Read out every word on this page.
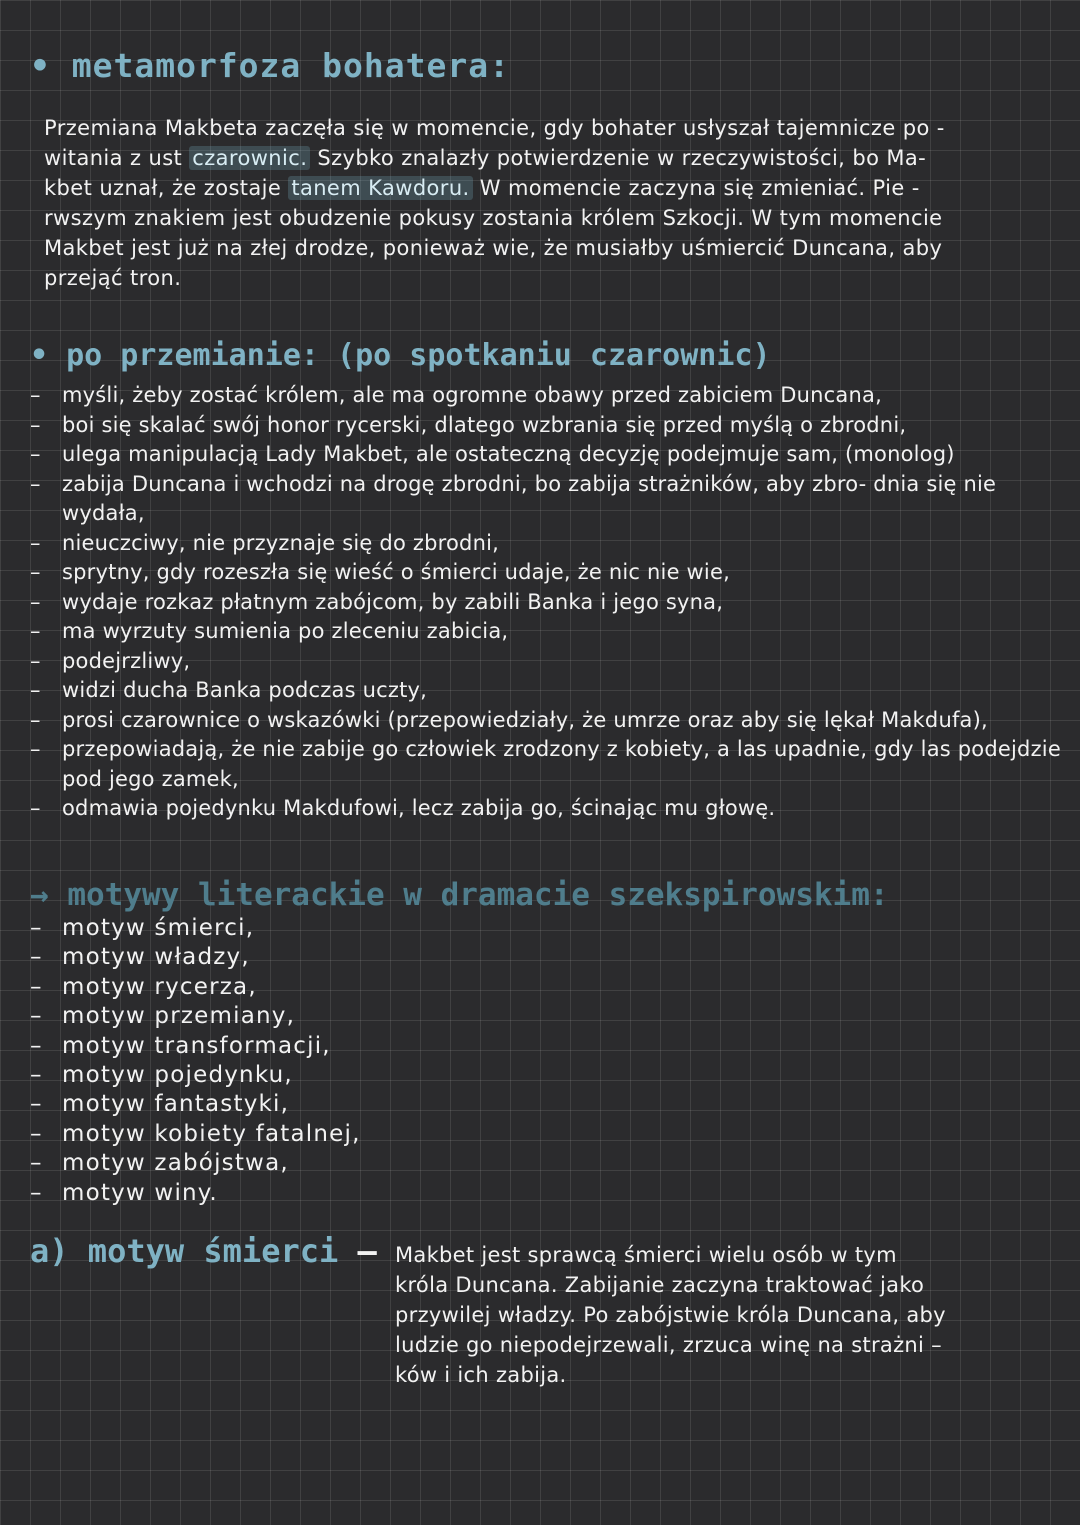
• metamorfoza bohatera:
Przemiana Makbeta zaczęła się w momencie, gdy bohater usłyszał tajemnicze po -
witania z ust czarownic. Szybko znalazły potwierdzenie w rzeczywistości, bo Ma-
kbet uznał, że zostaje tanem Kawdoru. W momencie zaczyna się zmieniać. Pie -
rwszym znakiem jest obudzenie pokusy zostania królem Szkocji. W tym momencie
Makbet jest już na złej drodze, ponieważ wie, że musiałby uśmiercić Duncana, aby
przejąć tron.
• po przemianie: (po spotkaniu czarownic)
– myśli, żeby zostać królem, ale ma ogromne obawy przed zabiciem Duncana,
– boi się skalać swój honor rycerski, dlatego wzbrania się przed myślą o zbrodni,
– ulega manipulacją Lady Makbet, ale ostateczną decyzję podejmuje sam, (monolog)
– zabija Duncana i wchodzi na drogę zbrodni, bo zabija strażników, aby zbro- dnia się nie wydała,
– nieuczciwy, nie przyznaje się do zbrodni,
– sprytny, gdy rozeszła się wieść o śmierci udaje, że nic nie wie,
– wydaje rozkaz płatnym zabójcom, by zabili Banka i jego syna,
– ma wyrzuty sumienia po zleceniu zabicia,
– podejrzliwy,
– widzi ducha Banka podczas uczty,
– prosi czarownice o wskazówki (przepowiedziały, że umrze oraz aby się lękał Makdufa),
– przepowiadają, że nie zabije go człowiek zrodzony z kobiety, a las upadnie, gdy las podejdzie pod jego zamek,
– odmawia pojedynku Makdufowi, lecz zabija go, ścinając mu głowę.
→ motywy literackie w dramacie szekspirowskim:
– motyw śmierci,
– motyw władzy,
– motyw rycerza,
– motyw przemiany,
– motyw transformacji,
– motyw pojedynku,
– motyw fantastyki,
– motyw kobiety fatalnej,
– motyw zabójstwa,
– motyw winy.
a) motyw śmierci – Makbet jest sprawcą śmierci wielu osób w tym
króla Duncana. Zabijanie zaczyna traktować jako
przywilej władzy. Po zabójstwie króla Duncana, aby
ludzie go niepodejrzewali, zrzuca winę na strażni –
ków i ich zabija.
